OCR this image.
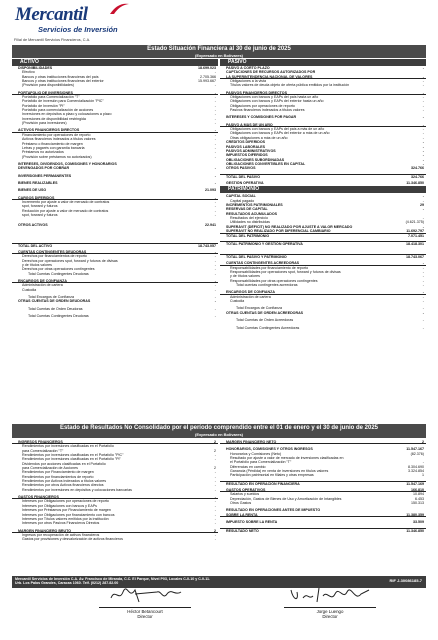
Mercantil
Servicios de Inversión
Filial de Mercantil Servicios Financieros, C.A.
Estado Situación Financiera al 30 de junio de 2025
(Expresado en Bolívares)
ACTIVO
DISPONIBILIDADES	18.699.023
Efectivo	-
Bancos y otras instituciones financieras del país	2.705.366
Bancos y otras instituciones financieras del exterior	15.993.667
(Provisión para disponibilidades)	-
PORTAFOLIO DE INVERSIONES	-
Portafolio para Comercialización "T"	-
Portafolio de inversión para Comercialización "PIC"	-
Portafolio de Inversión "PI"	-
Portafolio para comercialización de acciones	-
Inversiones en depósitos a plazo y colocaciones a plazo	-
Inversiones de disponibilidad restringida	-
(Provisión para inversiones)	-
ACTIVOS FINANCIEROS DIRECTOS	-
Financiamiento por operaciones de reporto	-
Activos financieros indexados a títulos valores	-
Préstamo o financiamiento de margen	-
Letras y pagarés con garantía bancaria	-
Préstamos no autorizados	-
(Provisión sobre préstamos no autorizados)	-
INTERESES, DIVIDENDOS, COMISIONES Y HONORARIOS
DEVENGADOS POR COBRAR	-
INVERSIONES PERMANENTES	-
BIENES REALIZABLES	-
BIENES DE USO	21.093
CARGOS DIFERIDOS	-
Incremento por ajuste a valor de mercado de contratos	-
spot, forward y futuros	-
Reducción por ajuste a valor de mercado de contratos	-
spot, forward y futuros	-
OTROS ACTIVOS	22.941
TOTAL DEL ACTIVO	18.743.057
CUENTAS CONTINGENTES DEUDORAS	-
Derechos por financiamientos de reporto	-
Derechos por operaciones spot, forward y futuros de divisas	-
y de títulos valores	-
Derechos por otras operaciones contingentes	-
Total Cuentas Contingentes Deudoras	-
ENCARGOS DE CONFIANZA	-
Administración de cartera	-
Custodia	-
Total Encargos de Confianza	-
OTRAS CUENTAS DE ORDEN DEUDORAS	-
Total Cuentas de Orden Deudoras	-
Total Cuentas Contingentes Deudoras	-
PASIVO
PASIVO A CORTO PLAZO	-
CAPTACIONES DE RECURSOS AUTORIZADOS POR
LA SUPERINTENDENCIA NACIONAL DE VALORES	-
Obligaciones a la vista	-
Títulos valores de deuda objeto de oferta pública emitidos por la institución	-
PASIVOS FINANCIEROS DIRECTOS	-
Obligaciones con bancos y EAPs del país hasta un año	-
Obligaciones con bancos y EAPs del exterior hasta un año	-
Obligaciones por operaciones de reporto	-
Pasivos financieros indexados a títulos valores	-
INTERESES Y COMISIONES POR PAGAR	-
PASIVO A MÁS DE UN AÑO	-
Obligaciones con bancos y EAPs del país a más de un año	-
Obligaciones con bancos y EAPs del exterior a más de un año	-
Otras obligaciones a más de un año	-
CRÉDITOS DIFERIDOS	-
PASIVOS LABORALES	-
PASIVOS ADMINISTRATIVOS	-
IMPUESTOS DIFERIDOS	-
OBLIGACIONES SUBORDINADAS	-
OBLIGACIONES CONVERTIBLES EN CAPITAL	-
OTROS PASIVOS	324.766
TOTAL DEL PASIVO	324.766
GESTIÓN OPERATIVA	11.346.850
PATRIMONIO
CAPITAL SOCIAL	-
Capital pagado	-
INCREMENTOS PATRIMONIALES	29
RESERVAS DE CAPITAL	-
RESULTADOS ACUMULADOS
Resultados del ejercicio	-
Utilidades no distribuidas	(4.621.375)
SUPERÁVIT (DÉFICIT) NO REALIZADO POR AJUSTE A VALOR MERCADO	-
SUPERÁVIT NO REALIZADO POR DIFERENCIAL CAMBIARIO	11.692.797
TOTAL DEL PATRIMONIO	7.071.451
TOTAL PATRIMONIO Y GESTIÓN OPERATIVA	18.418.301
TOTAL DEL PASIVO Y PATRIMONIO	18.743.067
CUENTAS CONTINGENTES ACREEDORAS	-
Responsabilidades por financiamiento de reporto	-
Responsabilidades por operaciones spot, forward y futuros de divisas	-
y de títulos valores	-
Responsabilidades por otras operaciones contingentes	-
Total cuentas contingentes acreedoras	-
ENCARGOS DE CONFIANZA	-
Administración de cartera	-
Custodia	-
Total Encargos de Confianza	-
OTRAS CUENTAS DE ORDEN ACREEDORAS	-
Total Cuentas de Orden Acreedoras	-
Total Cuentas Contingentes Acreedoras	-
Estado de Resultados No Consolidado por el período comprendido entre el 01 de enero y el 30 de junio de 2025
(Expresado en Bolívares)
INGRESOS FINANCIEROS	2
Rendimientos por inversiones clasificadas en el Portafolio
para Comercialización "T"	2
Rendimientos por inversiones clasificadas en el Portafolio "PIC"	-
Rendimientos por inversiones clasificadas en el Portafolio "PI"	-
Dividendos por acciones clasificadas en el Portafolio
para Comercialización de Acciones	2
Rendimientos por Financiamiento de margen	-
Rendimientos por financiamientos de reporto	-
Rendimientos por Activos indexados a títulos valores	-
Rendimientos por otros Activos financieros directos	-
Rendimientos por inversiones en depósitos y colocaciones bancarias	-
GASTOS FINANCIEROS	-
Intereses por Obligaciones por operaciones de reporto	-
Intereses por Obligaciones con bancos y EAPs	-
Intereses por Préstamos por Financiamiento de margen	-
Intereses por Obligaciones por financiamiento con bancos	-
Intereses por Títulos valores emitidos por la institución	-
Intereses por otros Pasivos Financieros Directos	-
MARGEN FINANCIERO BRUTO	2
Ingresos por recuperación de activos financieros	-
Gastos por provisiones y desvalorización de activos financieros	-
MARGEN FINANCIERO NETO	2
HONORARIOS, COMISIONES Y OTROS INGRESOS	11.547.167
Honorarios y Comisiones (Neto)	(82.376)
Resultado por ajuste a valor de mercado de inversiones clasificadas en
el Portafolio para Comercialización "T"	-
Diferencias en cambio	8.304.690
Ganancia (Pérdida) en venta de inversiones en títulos valores	3.324.854
Participación patrimonial en filiales y otras empresas	1
RESULTADO EN OPERACIÓN FINANCIERA	11.547.169
GASTOS OPERATIVOS	166.810
Salarios y sueldos	10.894
Depreciación, Gastos de Bienes de Uso y Amortización de Intangibles	6.453
Otros Gastos	150.313
RESULTADO EN OPERACIONES ANTES DE IMPUESTO
SOBRE LA RENTA	11.380.359
IMPUESTO SOBRE LA RENTA	33.509
RESULTADO NETO	11.346.850
Mercantil Servicios de Inversión C.A. Av. Francisco de Miranda, C.C. El Parque, Nivel P03, Locales C-0-10 y C-0-11.
Urb. Los Palos Grandes, Caracas 1060. Telf. (0212) 287.82.00
RIF J-30086185-7
Héctor Betancourt
Director
Jorge Luengo
Director
